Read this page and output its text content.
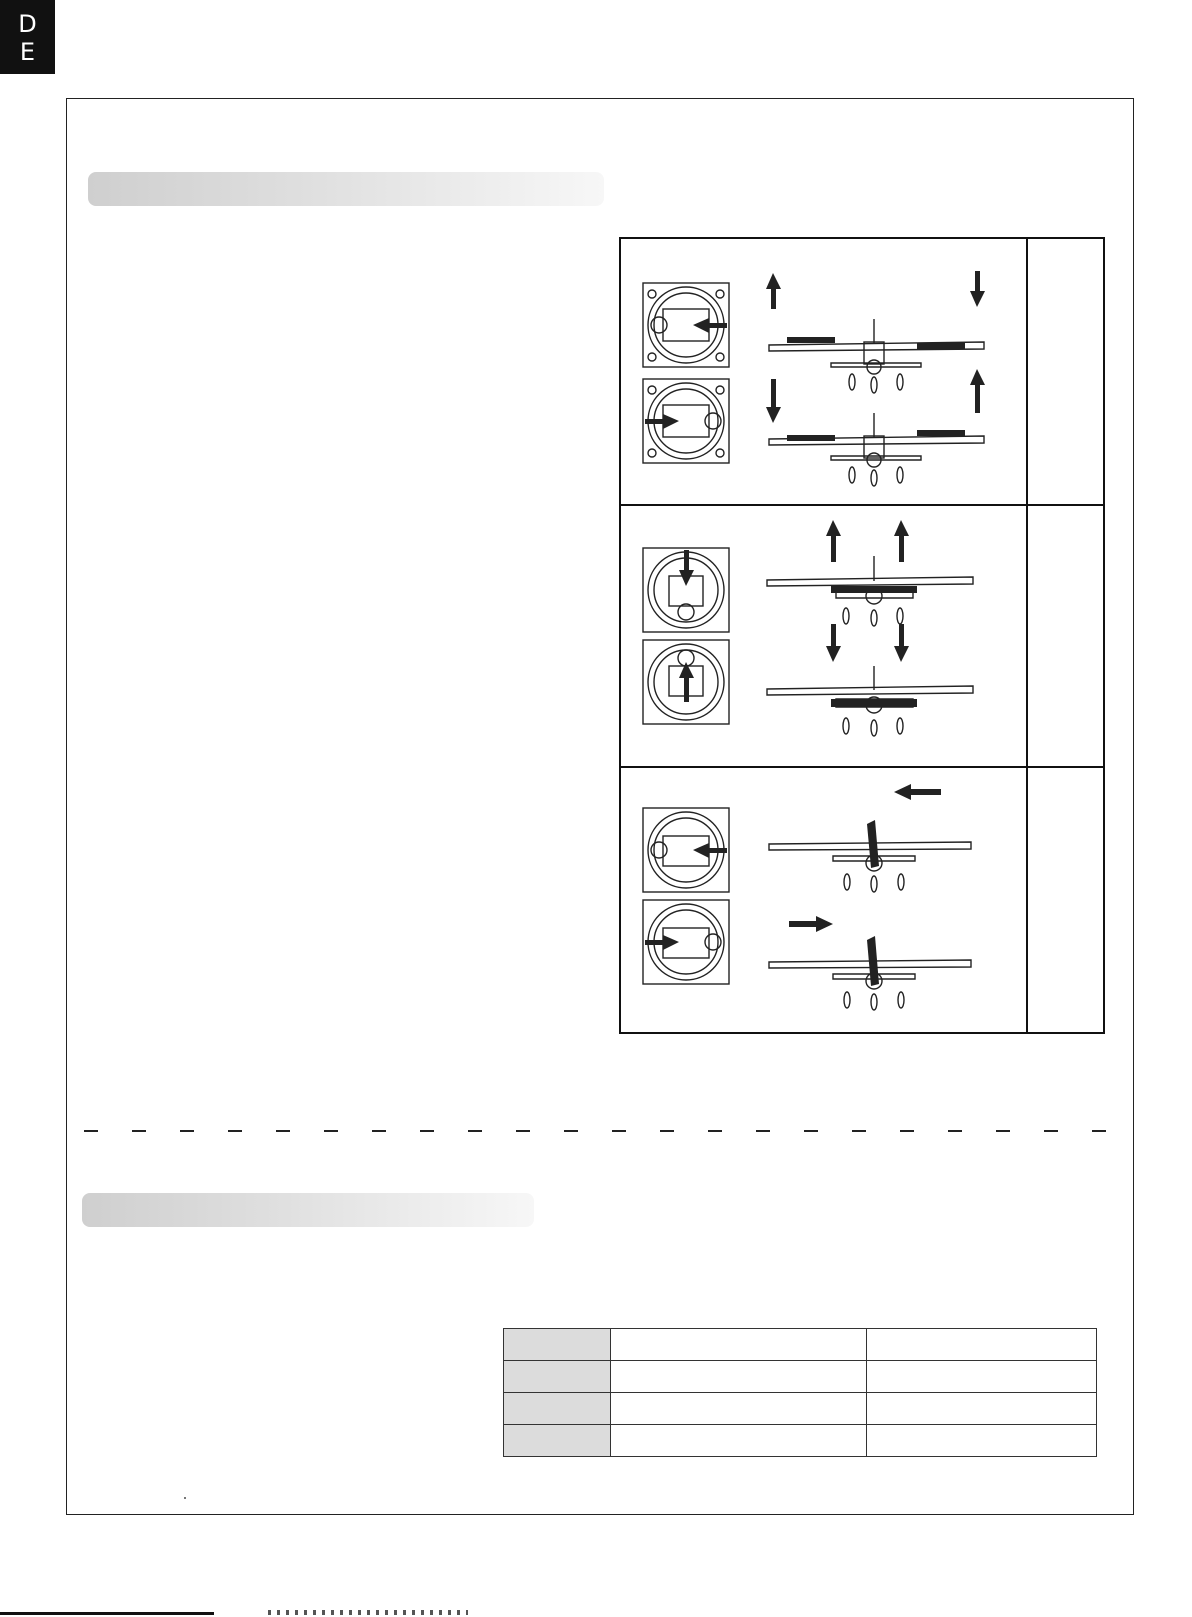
D
E
